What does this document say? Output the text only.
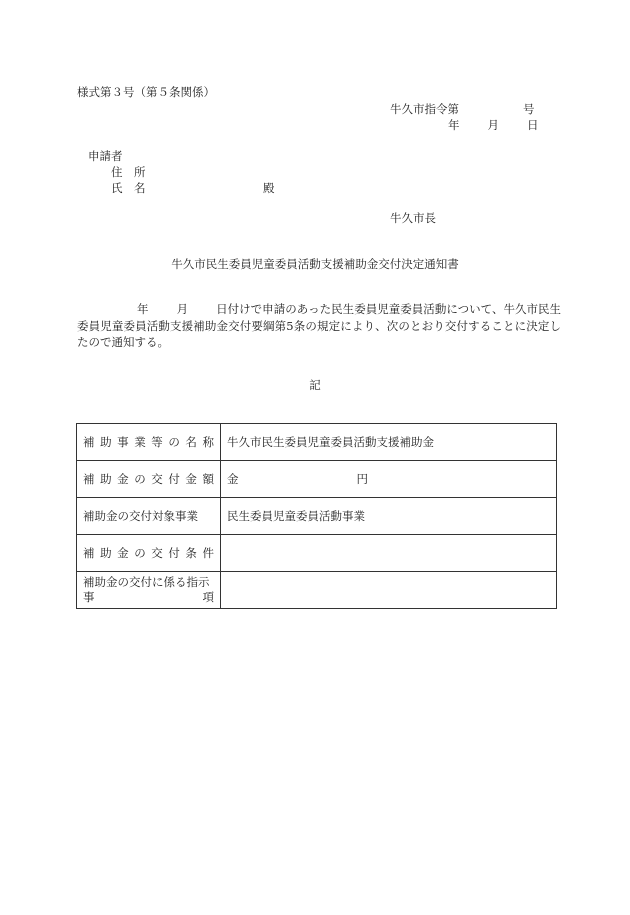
様式第３号（第５条関係）
牛久市指令第	号
年 月 日
申請者
住　所
氏　名	殿
牛久市長
牛久市民生委員児童委員活動支援補助金交付決定通知書
年 月 日付けで申請のあった民生委員児童委員活動について、牛久市民生委員児童委員活動支援補助金交付要綱第5条の規定により、次のとおり交付することに決定したので通知する。
記
補助事業等の名称	牛久市民生委員児童委員活動支援補助金
補助金の交付金額	金 円
補助金の交付対象事業	民生委員児童委員活動事業
補助金の交付条件	

補助金の交付に係る指示
事　　　　　　　　項	
